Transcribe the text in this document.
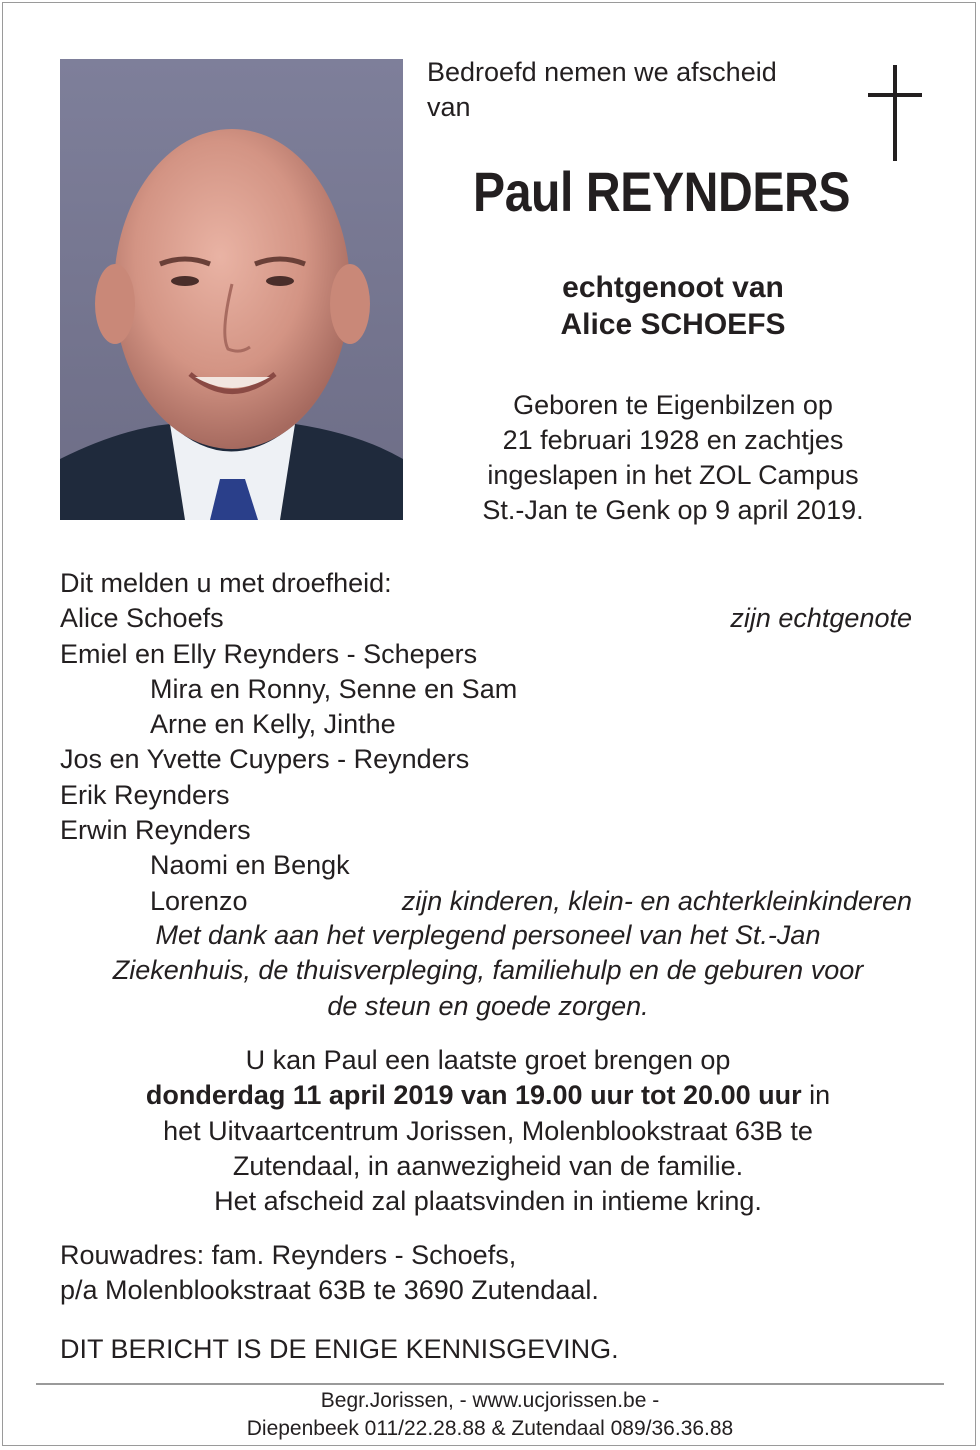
Bedroefd nemen we afscheid
van
Paul REYNDERS
echtgenoot van
Alice SCHOEFS
Geboren te Eigenbilzen op
21 februari 1928 en zachtjes
ingeslapen in het ZOL Campus
St.-Jan te Genk op 9 april 2019.
Dit melden u met droefheid:
Alice Schoefs	zijn echtgenote
Emiel en Elly Reynders - Schepers
Mira en Ronny, Senne en Sam
Arne en Kelly, Jinthe
Jos en Yvette Cuypers - Reynders
Erik Reynders
Erwin Reynders
Naomi en Bengk
Lorenzo	zijn kinderen, klein- en achterkleinkinderen
Met dank aan het verplegend personeel van het St.-Jan
Ziekenhuis, de thuisverpleging, familiehulp en de geburen voor
de steun en goede zorgen.
U kan Paul een laatste groet brengen op
donderdag 11 april 2019 van 19.00 uur tot 20.00 uur in
het Uitvaartcentrum Jorissen, Molenblookstraat 63B te
Zutendaal, in aanwezigheid van de familie.
Het afscheid zal plaatsvinden in intieme kring.
Rouwadres: fam. Reynders - Schoefs,
p/a Molenblookstraat 63B te 3690 Zutendaal.
DIT BERICHT IS DE ENIGE KENNISGEVING.
Begr.Jorissen, - www.ucjorissen.be -
Diepenbeek 011/22.28.88 & Zutendaal 089/36.36.88
